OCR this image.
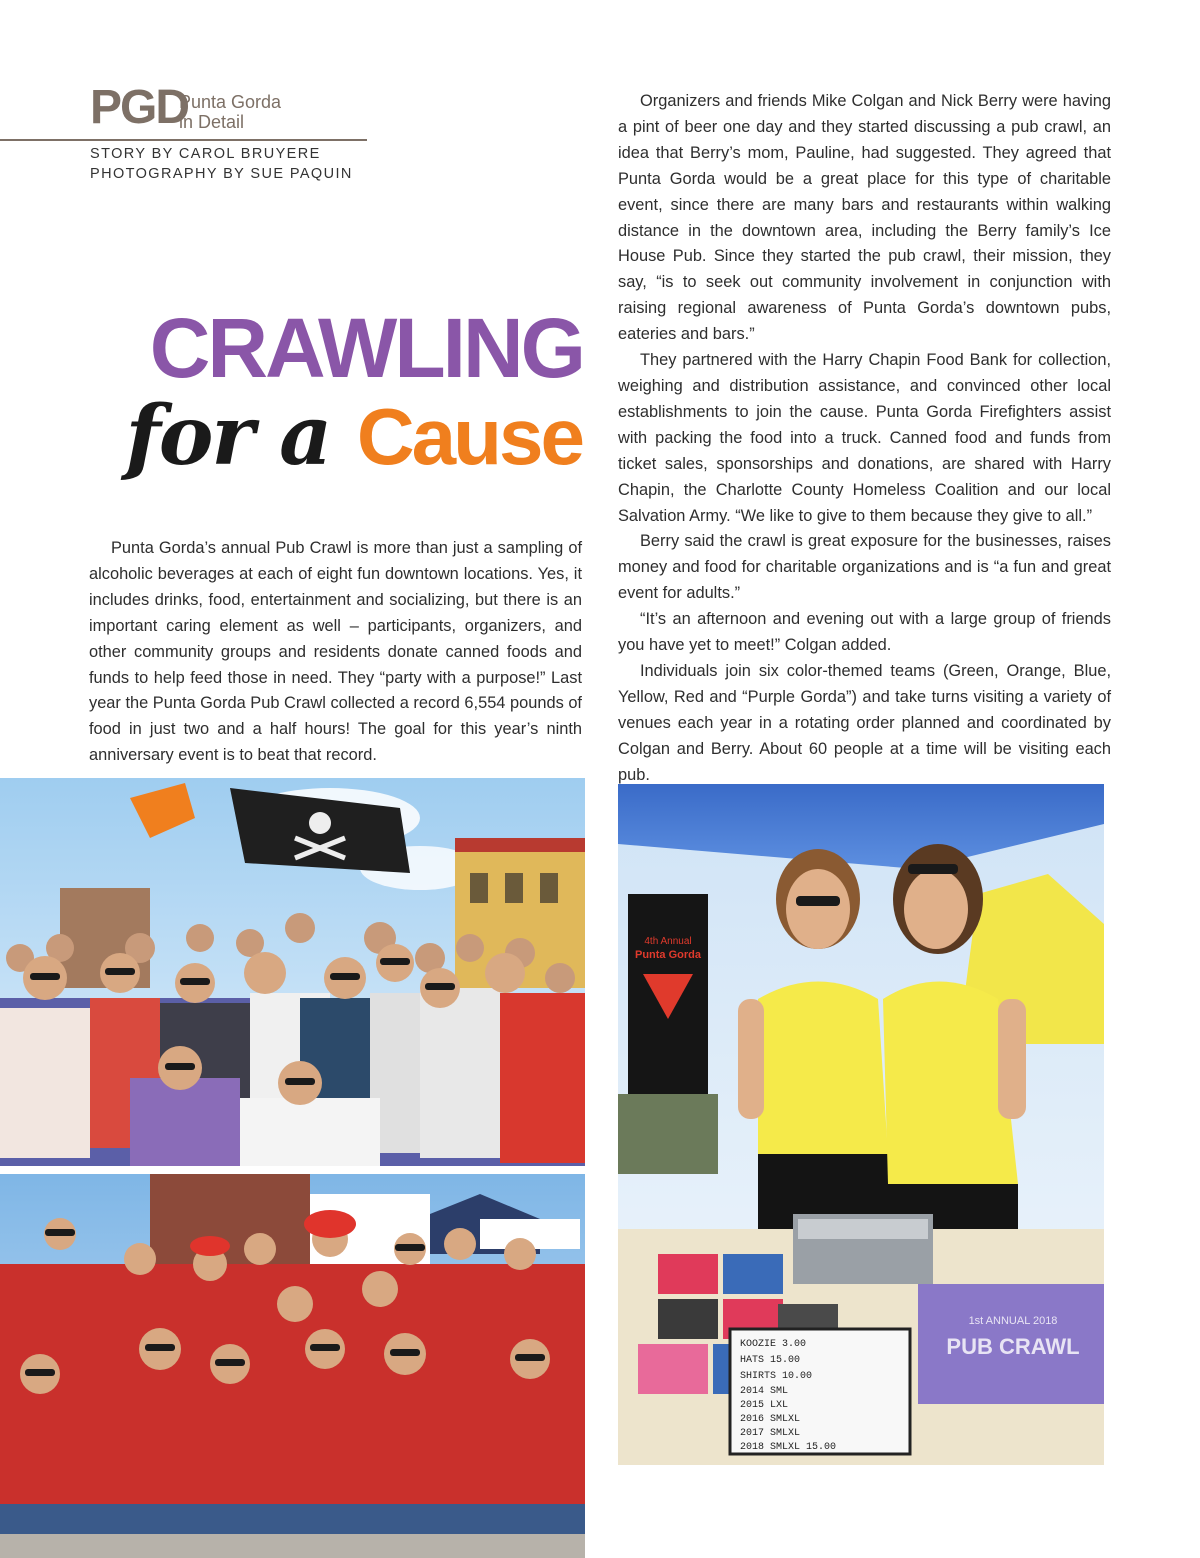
PGD
Punta Gorda
in Detail
STORY BY CAROL BRUYERE
PHOTOGRAPHY BY SUE PAQUIN
CRAWLING
for a Cause

Punta Gorda’s annual Pub Crawl is more than just a sampling of alcoholic beverages at each of eight fun downtown locations. Yes, it includes drinks, food, entertainment and socializing, but there is an important caring element as well – participants, organizers, and other community groups and residents donate canned foods and funds to help feed those in need. They “party with a purpose!” Last year the Punta Gorda Pub Crawl collected a record 6,554 pounds of food in just two and a half hours! The goal for this year’s ninth anniversary event is to beat that record.

Organizers and friends Mike Colgan and Nick Berry were having a pint of beer one day and they started discussing a pub crawl, an idea that Berry’s mom, Pauline, had suggested. They agreed that Punta Gorda would be a great place for this type of charitable event, since there are many bars and restaurants within walking distance in the downtown area, including the Berry family’s Ice House Pub. Since they started the pub crawl, their mission, they say, “is to seek out community involvement in conjunction with raising regional awareness of Punta Gorda’s downtown pubs, eateries and bars.”

They partnered with the Harry Chapin Food Bank for collection, weighing and distribution assistance, and convinced other local establishments to join the cause. Punta Gorda Firefighters assist with packing the food into a truck. Canned food and funds from ticket sales, sponsorships and donations, are shared with Harry Chapin, the Charlotte County Homeless Coalition and our local Salvation Army. “We like to give to them because they give to all.”

Berry said the crawl is great exposure for the businesses, raises money and food for charitable organizations and is “a fun and great event for adults.”

“It’s an afternoon and evening out with a large group of friends you have yet to meet!” Colgan added.

Individuals join six color-themed teams (Green, Orange, Blue, Yellow, Red and “Purple Gorda”) and take turns visiting a variety of venues each year in a rotating order planned and coordinated by Colgan and Berry. About 60 people at a time will be visiting each pub.

4th Annual
Punta Gorda
KOOZIE 3.00
HATS 15.00
SHIRTS 10.00
2014 SML
2015 LXL
2016 SMLXL
2017 SMLXL
2018 SMLXL 15.00
1st ANNUAL 2018
PUB CRAWL
